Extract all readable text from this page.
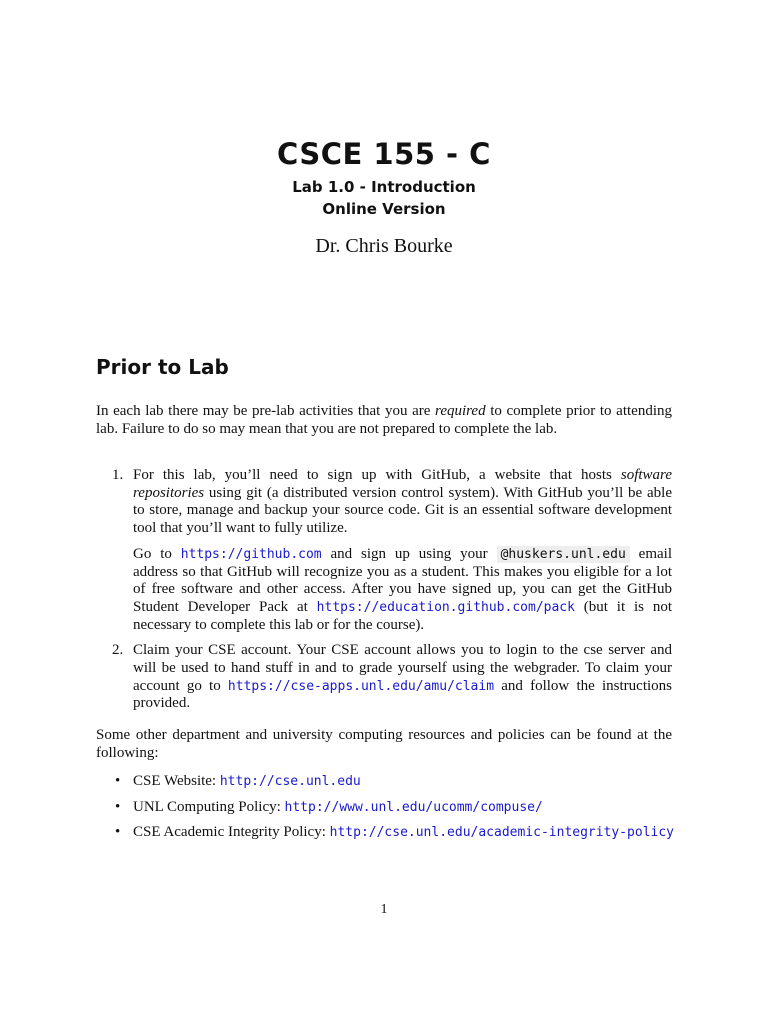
CSCE 155 - C
Lab 1.0 - Introduction
Online Version
Dr. Chris Bourke
Prior to Lab

In each lab there may be pre-lab activities that you are required to complete prior to attending lab. Failure to do so may mean that you are not prepared to complete the lab.

1. For this lab, you’ll need to sign up with GitHub, a website that hosts software repositories using git (a distributed version control system). With GitHub you’ll be able to store, manage and backup your source code. Git is an essential software development tool that you’ll want to fully utilize.
Go to https://github.com and sign up using your @huskers.unl.edu email address so that GitHub will recognize you as a student. This makes you eligible for a lot of free software and other access. After you have signed up, you can get the GitHub Student Developer Pack at https://education.github.com/pack (but it is not necessary to complete this lab or for the course).
2. Claim your CSE account. Your CSE account allows you to login to the cse server and will be used to hand stuff in and to grade yourself using the webgrader. To claim your account go to https://cse-apps.unl.edu/amu/claim and follow the instructions provided.

Some other department and university computing resources and policies can be found at the following:

• CSE Website: http://cse.unl.edu
• UNL Computing Policy: http://www.unl.edu/ucomm/compuse/
• CSE Academic Integrity Policy: http://cse.unl.edu/academic-integrity-policy
1
